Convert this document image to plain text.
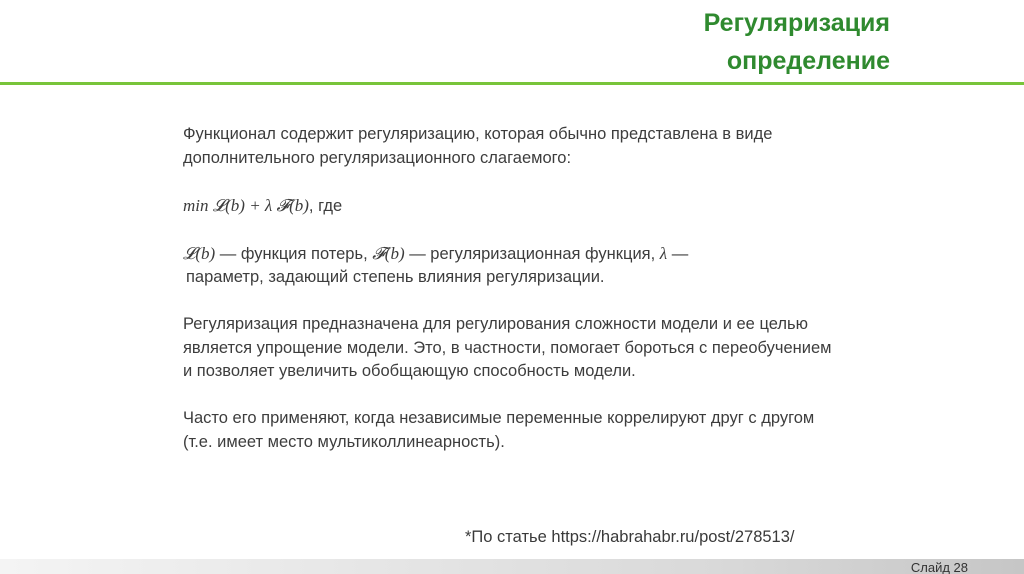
Регуляризация
определение

Функционал содержит регуляризацию, которая обычно представлена в виде дополнительного регуляризационного слагаемого:

min 𝓛(b) + λ 𝓕(b), где

𝓛(b) — функция потерь, 𝓕(b) — регуляризационная функция, λ —
параметр, задающий степень влияния регуляризации.

Регуляризация предназначена для регулирования сложности модели и ее целью является упрощение модели. Это, в частности, помогает бороться с переобучением и позволяет увеличить обобщающую способность модели.

Часто его применяют, когда независимые переменные коррелируют друг с другом (т.е. имеет место мультиколлинеарность).

*По статье https://habrahabr.ru/post/278513/
Слайд 28
